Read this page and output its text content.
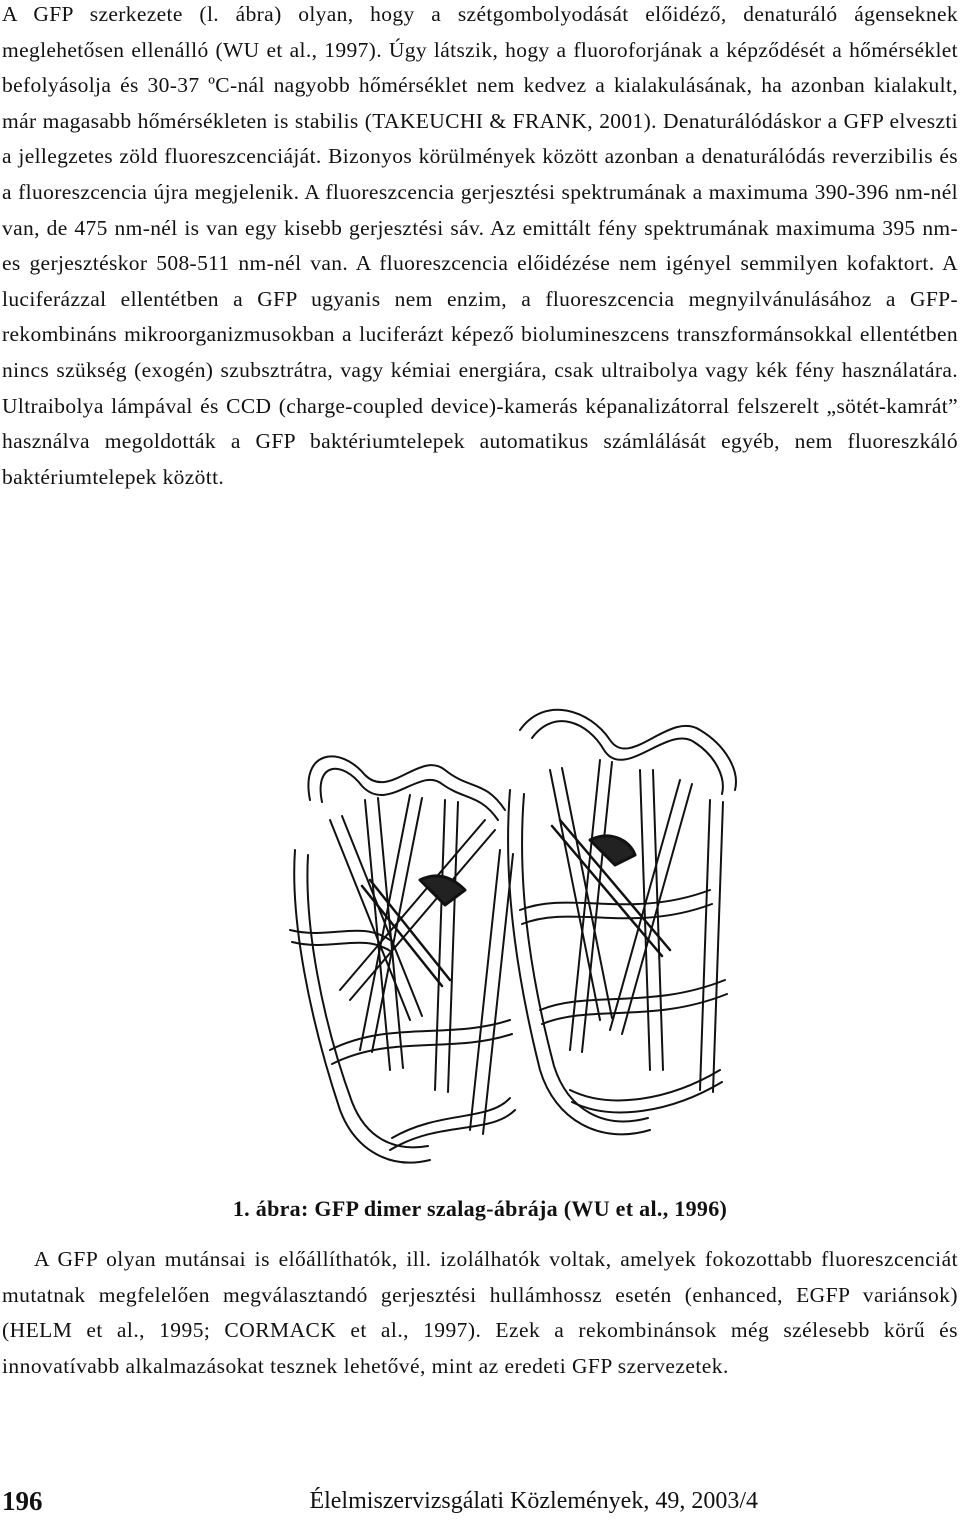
A GFP szerkezete (l. ábra) olyan, hogy a szétgombolyodását előidéző, denaturáló ágenseknek meglehetősen ellenálló (WU et al., 1997). Úgy látszik, hogy a fluoroforjának a képződését a hőmérséklet befolyásolja és 30-37 ºC-nál nagyobb hőmérséklet nem kedvez a kialakulásának, ha azonban kialakult, már magasabb hőmérsékleten is stabilis (TAKEUCHI & FRANK, 2001). Denaturálódáskor a GFP elveszti a jellegzetes zöld fluoreszcenciáját. Bizonyos körülmények között azonban a denaturálódás reverzibilis és a fluoreszcencia újra megjelenik. A fluoreszcencia gerjesztési spektrumának a maximuma 390-396 nm-nél van, de 475 nm-nél is van egy kisebb gerjesztési sáv. Az emittált fény spektrumának maximuma 395 nm-es gerjesztéskor 508-511 nm-nél van. A fluoreszcencia előidézése nem igényel semmilyen kofaktort. A luciferázzal ellentétben a GFP ugyanis nem enzim, a fluoreszcencia megnyilvánulásához a GFP-rekombináns mikroorganizmusokban a luciferázt képező biolumineszcens transzformánsokkal ellentétben nincs szükség (exogén) szubsztrátra, vagy kémiai energiára, csak ultraibolya vagy kék fény használatára. Ultraibolya lámpával és CCD (charge-coupled device)-kamerás képanalizátorral felszerelt „sötét-kamrát” használva megoldották a GFP baktériumtelepek automatikus számlálását egyéb, nem fluoreszkáló baktériumtelepek között.

1. ábra: GFP dimer szalag-ábrája (WU et al., 1996)

A GFP olyan mutánsai is előállíthatók, ill. izolálhatók voltak, amelyek fokozottabb fluoreszcenciát mutatnak megfelelően megválasztandó gerjesztési hullámhossz esetén (enhanced, EGFP variánsok) (HELM et al., 1995; CORMACK et al., 1997). Ezek a rekombinánsok még szélesebb körű és innovatívabb alkalmazásokat tesznek lehetővé, mint az eredeti GFP szervezetek.

196	Élelmiszervizsgálati Közlemények, 49, 2003/4
